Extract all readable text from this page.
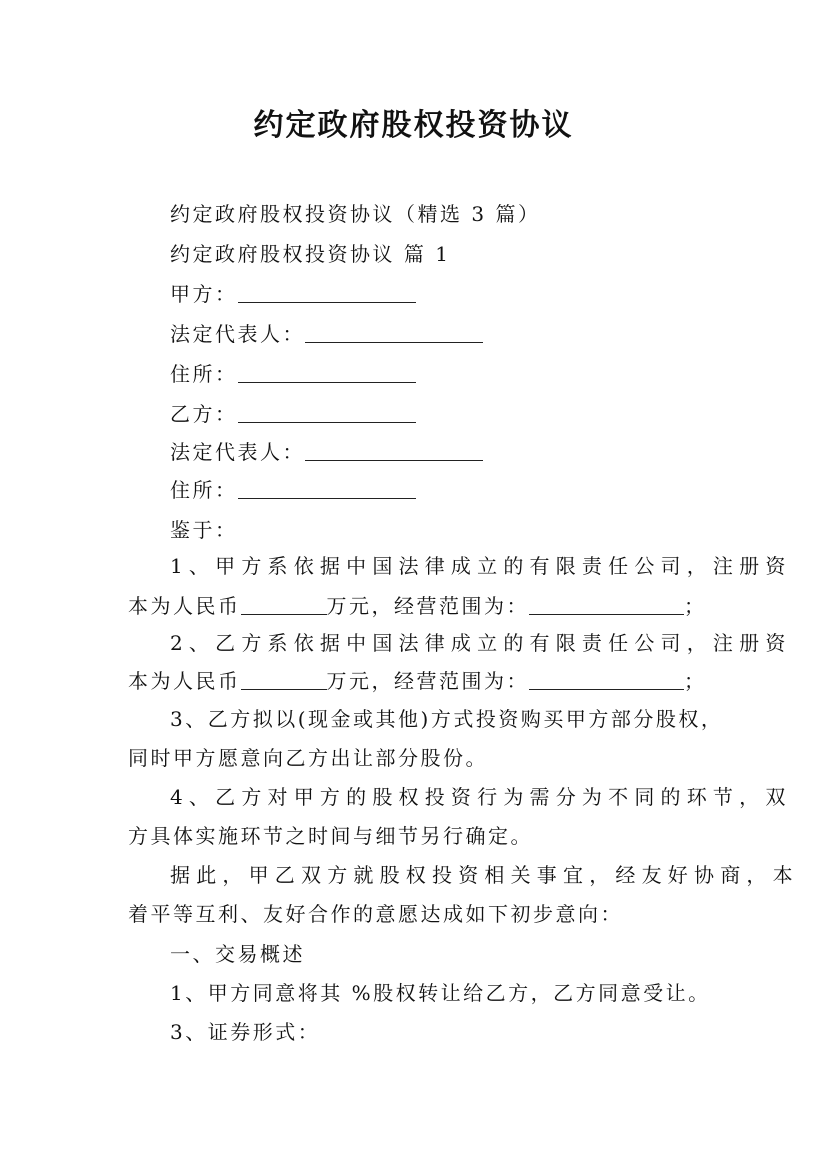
约定政府股权投资协议
约定政府股权投资协议（精选 3 篇）
约定政府股权投资协议 篇 1
甲方：
法定代表人：
住所：
乙方：
法定代表人：
住所：
鉴于：
1、甲方系依据中国法律成立的有限责任公司，注册资
本为人民币	万元，经营范围为：	；
2、乙方系依据中国法律成立的有限责任公司，注册资
本为人民币	万元，经营范围为：	；
3、乙方拟以(现金或其他)方式投资购买甲方部分股权，
同时甲方愿意向乙方出让部分股份。
4、乙方对甲方的股权投资行为需分为不同的环节，双
方具体实施环节之时间与细节另行确定。
据此，甲乙双方就股权投资相关事宜，经友好协商，本
着平等互利、友好合作的意愿达成如下初步意向：
一、交易概述
1、甲方同意将其 %股权转让给乙方，乙方同意受让。
3、证券形式：
